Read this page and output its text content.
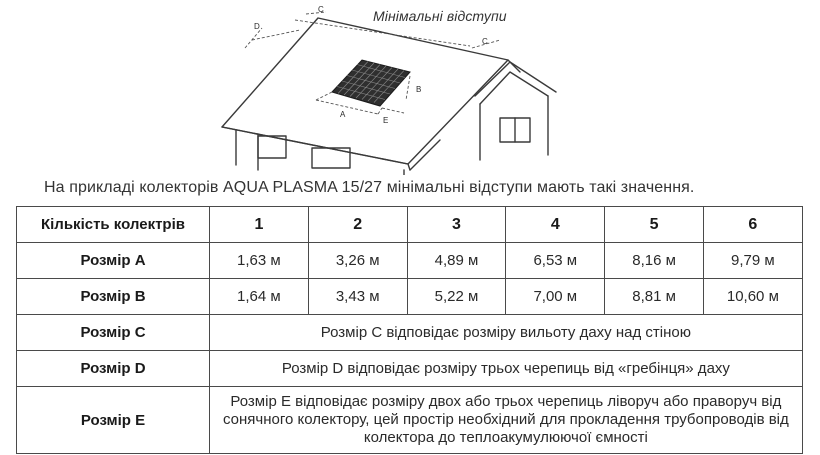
D
C
C
B
A
E
Мінімальні відступи
На прикладі колекторів AQUA PLASMA 15/27 мінімальні відступи мають такі значення.
Кількість колектрів	1	2	3	4	5	6
Розмір A	1,63 м	3,26 м	4,89 м	6,53 м	8,16 м	9,79 м
Розмір B	1,64 м	3,43 м	5,22 м	7,00 м	8,81 м	10,60 м
Розмір C	Розмір C відповідає розміру вильоту даху над стіною					
Розмір D	Розмір D відповідає розміру трьох черепиць від «гребінця» даху					
Розмір E	Розмір E відповідає розміру двох або трьох черепиць ліворуч або праворуч від сонячного колектору, цей простір необхідний для прокладення трубопроводів від колектора до теплоакумулюючої ємності					
